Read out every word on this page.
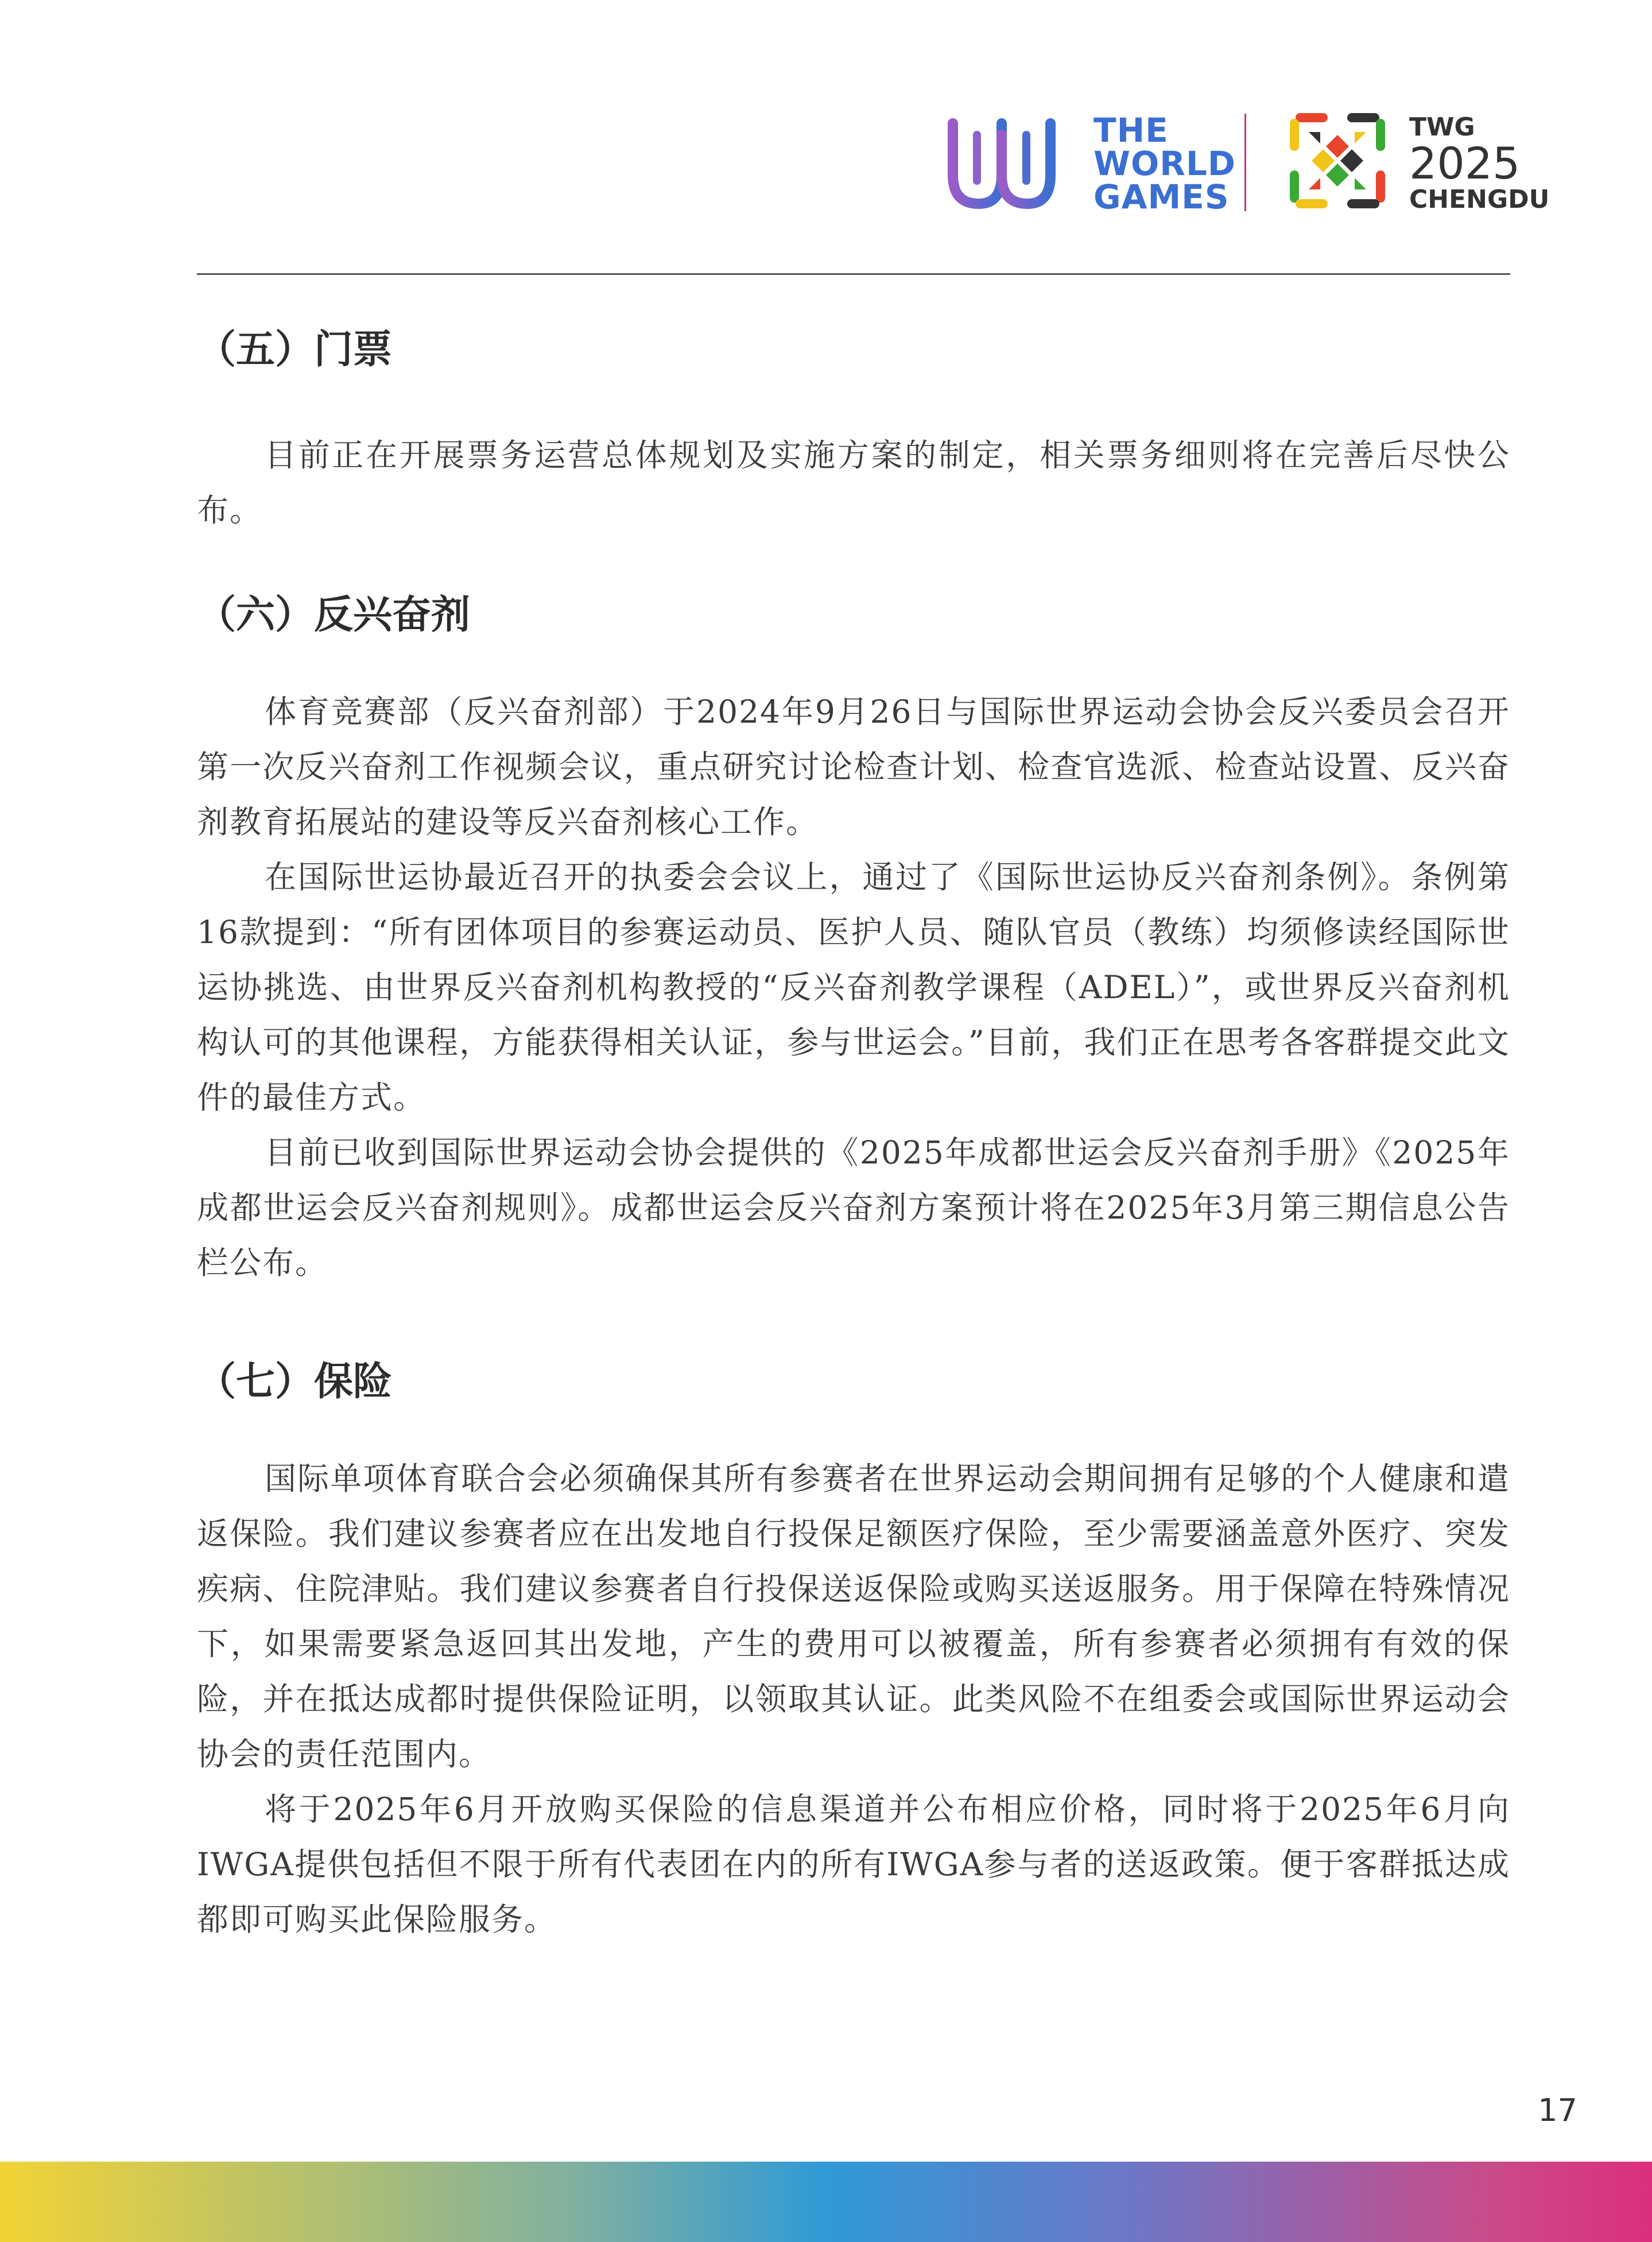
THE
WORLD
GAMES
TWG
2025
CHENGDU
（五）门票

目前正在开展票务运营总体规划及实施方案的制定，相关票务细则将在完善后尽快公布。

（六）反兴奋剂

体育竞赛部（反兴奋剂部）于2024年9月26日与国际世界运动会协会反兴委员会召开第一次反兴奋剂工作视频会议，重点研究讨论检查计划、检查官选派、检查站设置、反兴奋剂教育拓展站的建设等反兴奋剂核心工作。

在国际世运协最近召开的执委会会议上，通过了《国际世运协反兴奋剂条例》。条例第16款提到：“所有团体项目的参赛运动员、医护人员、随队官员（教练）均须修读经国际世运协挑选、由世界反兴奋剂机构教授的“反兴奋剂教学课程（ADEL）”，或世界反兴奋剂机构认可的其他课程，方能获得相关认证，参与世运会。”目前，我们正在思考各客群提交此文件的最佳方式。

目前已收到国际世界运动会协会提供的《2025年成都世运会反兴奋剂手册》《2025年成都世运会反兴奋剂规则》。成都世运会反兴奋剂方案预计将在2025年3月第三期信息公告栏公布。

（七）保险

国际单项体育联合会必须确保其所有参赛者在世界运动会期间拥有足够的个人健康和遣返保险。我们建议参赛者应在出发地自行投保足额医疗保险，至少需要涵盖意外医疗、突发疾病、住院津贴。我们建议参赛者自行投保送返保险或购买送返服务。用于保障在特殊情况下，如果需要紧急返回其出发地，产生的费用可以被覆盖，所有参赛者必须拥有有效的保险，并在抵达成都时提供保险证明，以领取其认证。此类风险不在组委会或国际世界运动会协会的责任范围内。

将于2025年6月开放购买保险的信息渠道并公布相应价格，同时将于2025年6月向IWGA提供包括但不限于所有代表团在内的所有IWGA参与者的送返政策。便于客群抵达成都即可购买此保险服务。

17
